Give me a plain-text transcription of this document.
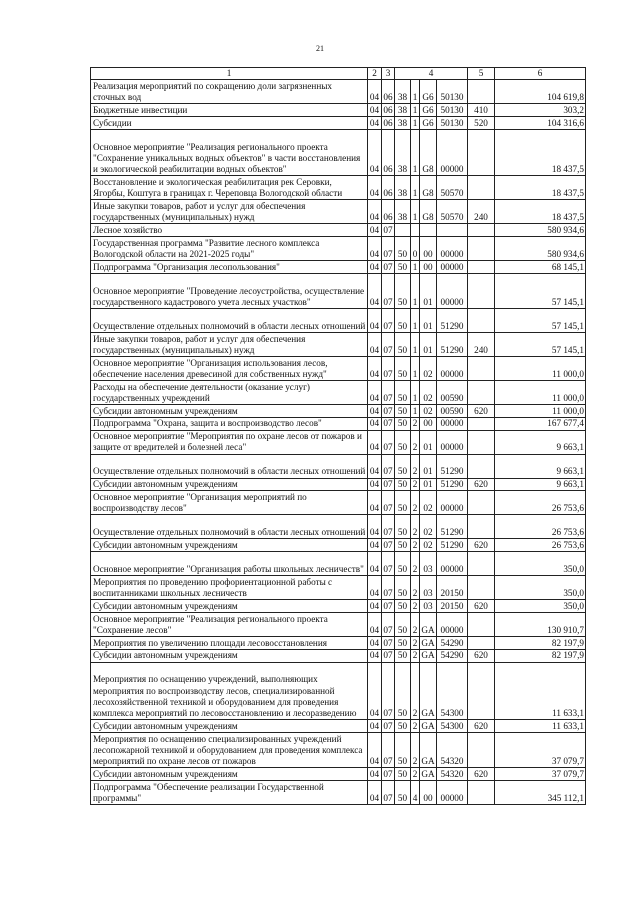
21
1	2	3	4				5	6
Реализация мероприятий по сокращению доли загрязненных сточных вод	04	06	38	1	G6	50130		104 619,8
Бюджетные инвестиции	04	06	38	1	G6	50130	410	303,2
Субсидии	04	06	38	1	G6	50130	520	104 316,6
Основное мероприятие "Реализация регионального проекта "Сохранение уникальных водных объектов" в части восстановления и экологической реабилитации водных объектов"	04	06	38	1	G8	00000		18 437,5
Восстановление и экологическая реабилитация рек Серовки, Ягорбы, Коштуга в границах г. Череповца Вологодской области	04	06	38	1	G8	50570		18 437,5
Иные закупки товаров, работ и услуг для обеспечения государственных (муниципальных) нужд	04	06	38	1	G8	50570	240	18 437,5
Лесное хозяйство	04	07						580 934,6
Государственная программа "Развитие лесного комплекса Вологодской области на 2021-2025 годы"	04	07	50	0	00	00000		580 934,6
Подпрограмма "Организация лесопользования"	04	07	50	1	00	00000		68 145,1
Основное мероприятие "Проведение лесоустройства, осуществление государственного кадастрового учета лесных участков"	04	07	50	1	01	00000		57 145,1
Осуществление отдельных полномочий в области лесных отношений	04	07	50	1	01	51290		57 145,1
Иные закупки товаров, работ и услуг для обеспечения государственных (муниципальных) нужд	04	07	50	1	01	51290	240	57 145,1
Основное мероприятие "Организация использования лесов, обеспечение населения древесиной для собственных нужд"	04	07	50	1	02	00000		11 000,0
Расходы на обеспечение деятельности (оказание услуг) государственных учреждений	04	07	50	1	02	00590		11 000,0
Субсидии автономным учреждениям	04	07	50	1	02	00590	620	11 000,0
Подпрограмма "Охрана, защита и воспроизводство лесов"	04	07	50	2	00	00000		167 677,4
Основное мероприятие "Мероприятия по охране лесов от пожаров и защите от вредителей и болезней леса"	04	07	50	2	01	00000		9 663,1
Осуществление отдельных полномочий в области лесных отношений	04	07	50	2	01	51290		9 663,1
Субсидии автономным учреждениям	04	07	50	2	01	51290	620	9 663,1
Основное мероприятие "Организация мероприятий по воспроизводству лесов"	04	07	50	2	02	00000		26 753,6
Осуществление отдельных полномочий в области лесных отношений	04	07	50	2	02	51290		26 753,6
Субсидии автономным учреждениям	04	07	50	2	02	51290	620	26 753,6
Основное мероприятие "Организация работы школьных лесничеств"	04	07	50	2	03	00000		350,0
Мероприятия по проведению профориентационной работы с воспитанниками школьных лесничеств	04	07	50	2	03	20150		350,0
Субсидии автономным учреждениям	04	07	50	2	03	20150	620	350,0
Основное мероприятие "Реализация регионального проекта "Сохранение лесов"	04	07	50	2	GA	00000		130 910,7
Мероприятия по увеличению площади лесовосстановления	04	07	50	2	GA	54290		82 197,9
Субсидии автономным учреждениям	04	07	50	2	GA	54290	620	82 197,9
Мероприятия по оснащению учреждений, выполняющих мероприятия по воспроизводству лесов, специализированной лесохозяйственной техникой и оборудованием для проведения комплекса мероприятий по лесовосстановлению и лесоразведению	04	07	50	2	GA	54300		11 633,1
Субсидии автономным учреждениям	04	07	50	2	GA	54300	620	11 633,1
Мероприятия по оснащению специализированных учреждений лесопожарной техникой и оборудованием для проведения комплекса мероприятий по охране лесов от пожаров	04	07	50	2	GA	54320		37 079,7
Субсидии автономным учреждениям	04	07	50	2	GA	54320	620	37 079,7
Подпрограмма "Обеспечение реализации Государственной программы"	04	07	50	4	00	00000		345 112,1
